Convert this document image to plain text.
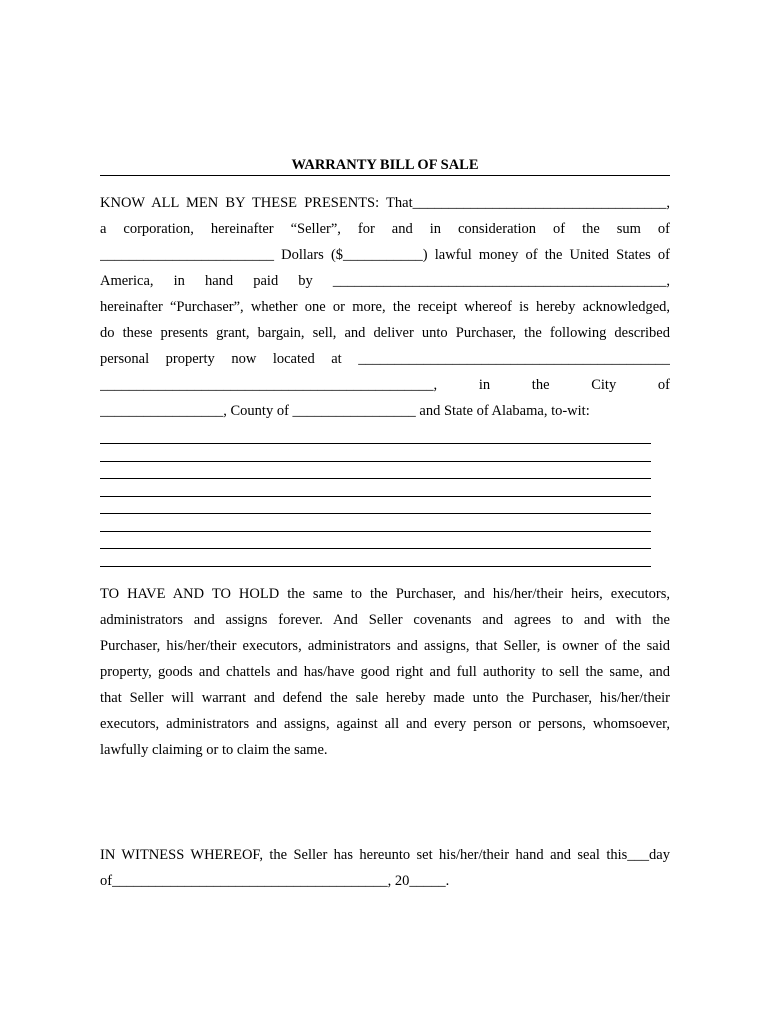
WARRANTY BILL OF SALE
KNOW ALL MEN BY THESE PRESENTS: That___________________________________,
a corporation, hereinafter “Seller”, for and in consideration of the sum of
________________________ Dollars ($___________) lawful money of the United States of
America, in hand paid by ______________________________________________,
hereinafter “Purchaser”, whether one or more, the receipt whereof is hereby acknowledged,
do these presents grant, bargain, sell, and deliver unto Purchaser, the following described
personal property now located at ___________________________________________
______________________________________________, in the City of
_________________, County of _________________ and State of Alabama, to-wit:
TO HAVE AND TO HOLD the same to the Purchaser, and his/her/their heirs, executors,
administrators and assigns forever. And Seller covenants and agrees to and with the
Purchaser, his/her/their executors, administrators and assigns, that Seller, is owner of the said
property, goods and chattels and has/have good right and full authority to sell the same, and
that Seller will warrant and defend the sale hereby made unto the Purchaser, his/her/their
executors, administrators and assigns, against all and every person or persons, whomsoever,
lawfully claiming or to claim the same.
IN WITNESS WHEREOF, the Seller has hereunto set his/her/their hand and seal this___day
of______________________________________, 20_____.
